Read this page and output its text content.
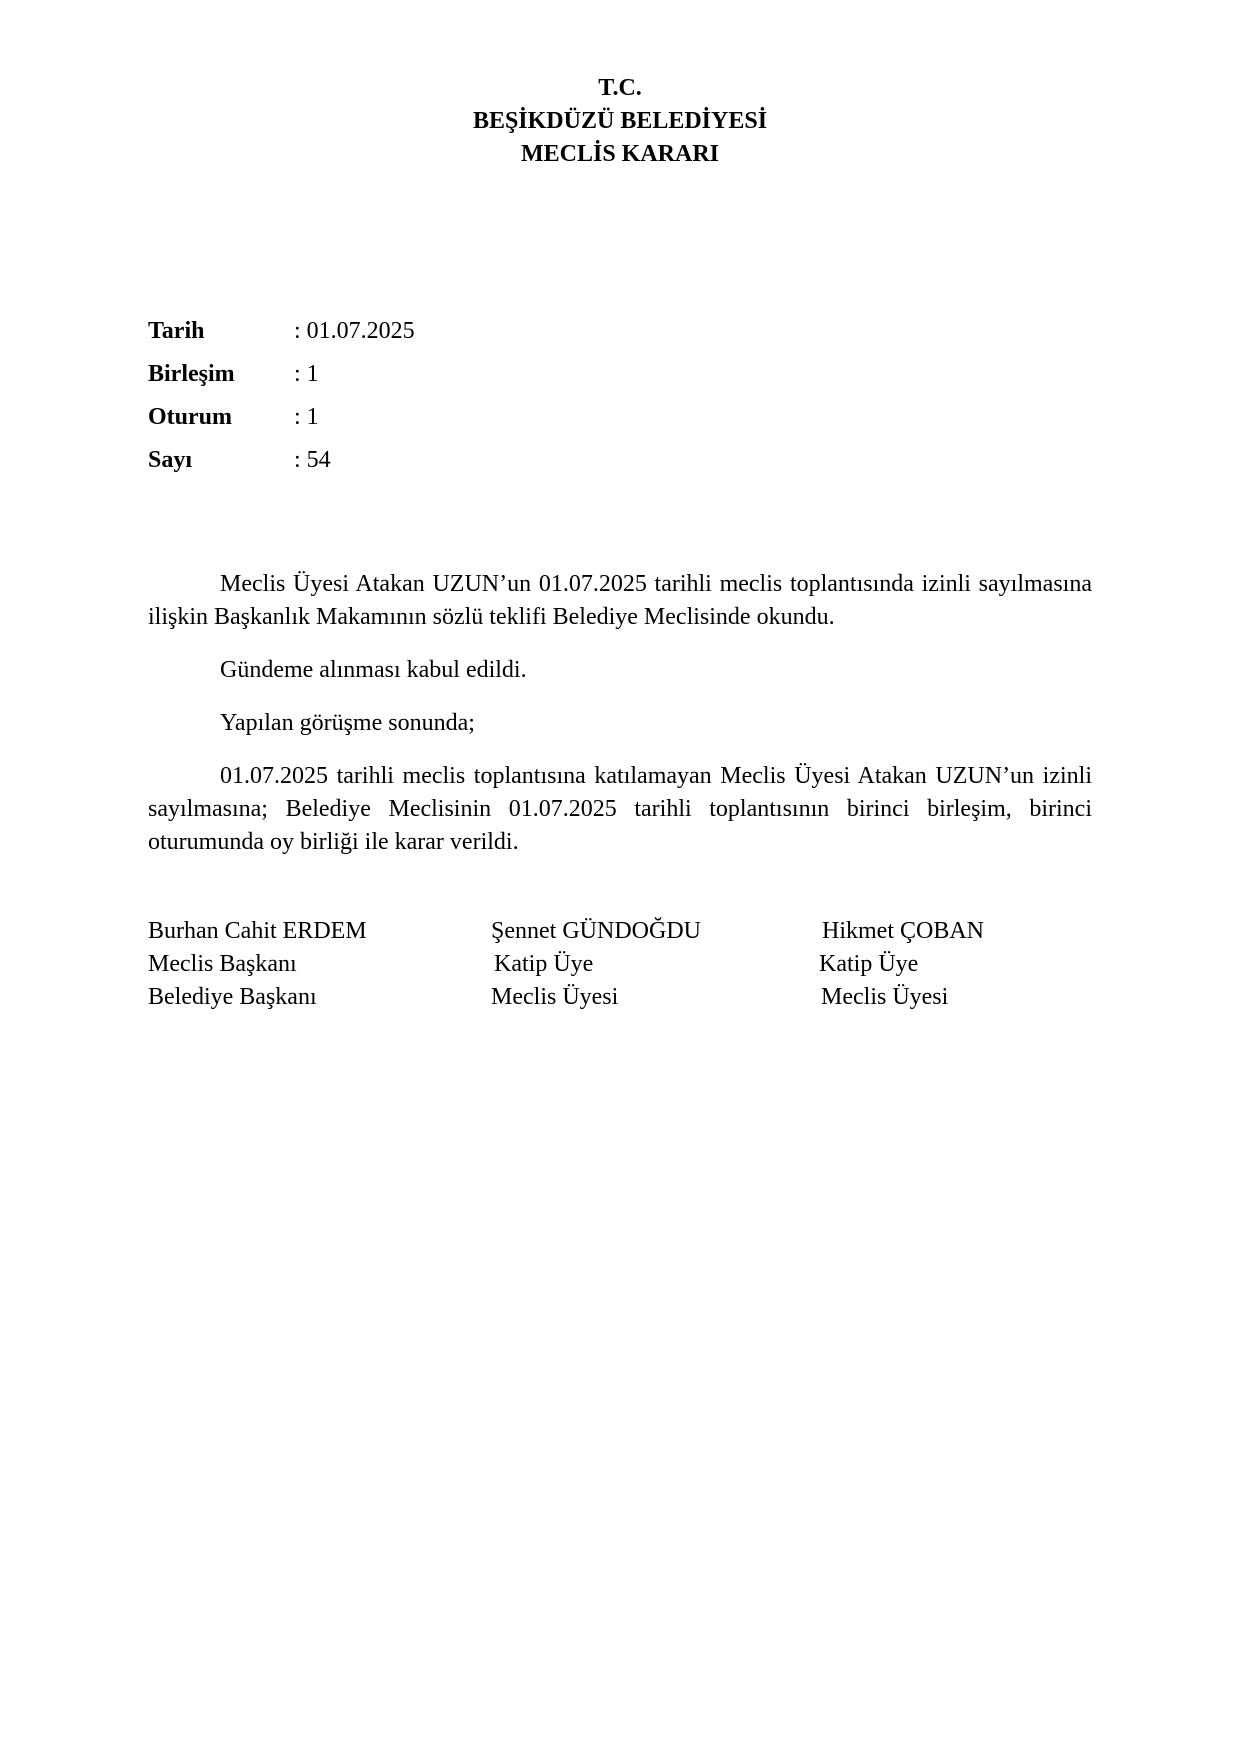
T.C.
BEŞİKDÜZÜ BELEDİYESİ
MECLİS KARARI
Tarih	: 01.07.2025
Birleşim : 1
Oturum	: 1
Sayı	: 54

Meclis Üyesi Atakan UZUN’un 01.07.2025 tarihli meclis toplantısında izinli sayılmasına ilişkin Başkanlık Makamının sözlü teklifi Belediye Meclisinde okundu.

Gündeme alınması kabul edildi.

Yapılan görüşme sonunda;

01.07.2025 tarihli meclis toplantısına katılamayan Meclis Üyesi Atakan UZUN’un izinli sayılmasına; Belediye Meclisinin 01.07.2025 tarihli toplantısının birinci birleşim, birinci oturumunda oy birliği ile karar verildi.

Burhan Cahit ERDEM
Meclis Başkanı
Belediye Başkanı
Şennet GÜNDOĞDU
Katip Üye
Meclis Üyesi
Hikmet ÇOBAN
Katip Üye
Meclis Üyesi
